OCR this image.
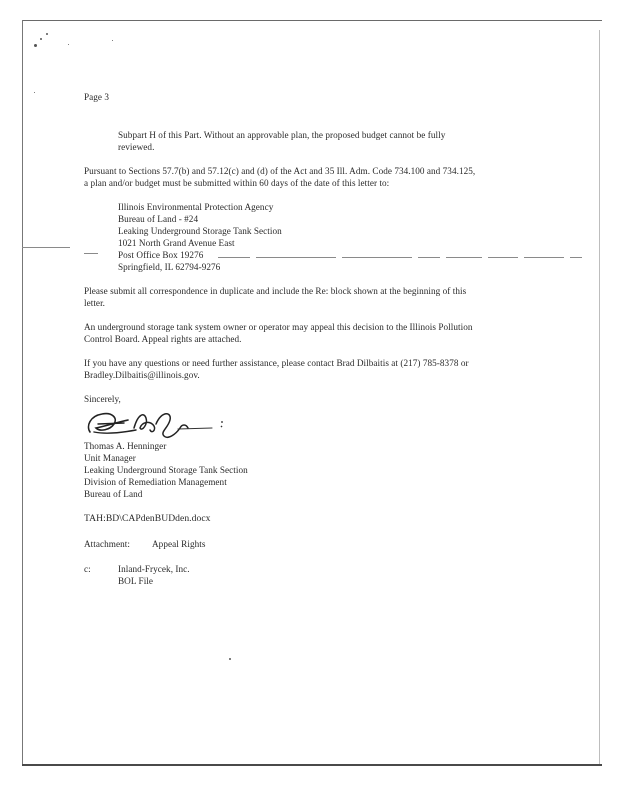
Page 3
Subpart H of this Part. Without an approvable plan, the proposed budget cannot be fully
reviewed.
Pursuant to Sections 57.7(b) and 57.12(c) and (d) of the Act and 35 Ill. Adm. Code 734.100 and 734.125,
a plan and/or budget must be submitted within 60 days of the date of this letter to:
Illinois Environmental Protection Agency
Bureau of Land - #24
Leaking Underground Storage Tank Section
1021 North Grand Avenue East
Post Office Box 19276
Springfield, IL 62794-9276
Please submit all correspondence in duplicate and include the Re: block shown at the beginning of this
letter.
An underground storage tank system owner or operator may appeal this decision to the Illinois Pollution
Control Board. Appeal rights are attached.
If you have any questions or need further assistance, please contact Brad Dilbaitis at (217) 785-8378 or
Bradley.Dilbaitis@illinois.gov.
Sincerely,
Thomas A. Henninger
Unit Manager
Leaking Underground Storage Tank Section
Division of Remediation Management
Bureau of Land
TAH:BD\CAPdenBUDden.docx
Attachment: Appeal Rights
c:	Inland-Frycek, Inc.
BOL File
